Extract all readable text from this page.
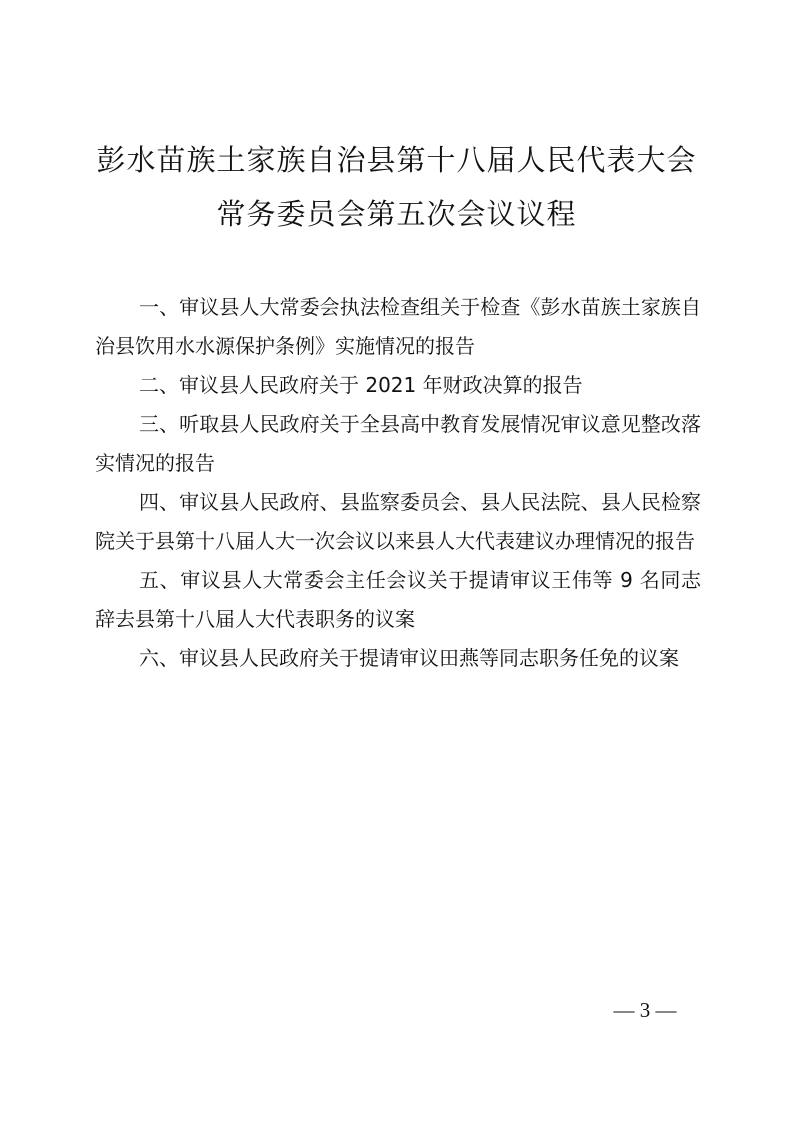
彭水苗族土家族自治县第十八届人民代表大会
常务委员会第五次会议议程
一、审议县人大常委会执法检查组关于检查《彭水苗族土家族自治县饮用水水源保护条例》实施情况的报告
二、审议县人民政府关于 2021 年财政决算的报告
三、听取县人民政府关于全县高中教育发展情况审议意见整改落实情况的报告
四、审议县人民政府、县监察委员会、县人民法院、县人民检察院关于县第十八届人大一次会议以来县人大代表建议办理情况的报告
五、审议县人大常委会主任会议关于提请审议王伟等 9 名同志辞去县第十八届人大代表职务的议案
六、审议县人民政府关于提请审议田燕等同志职务任免的议案
— 3 —
